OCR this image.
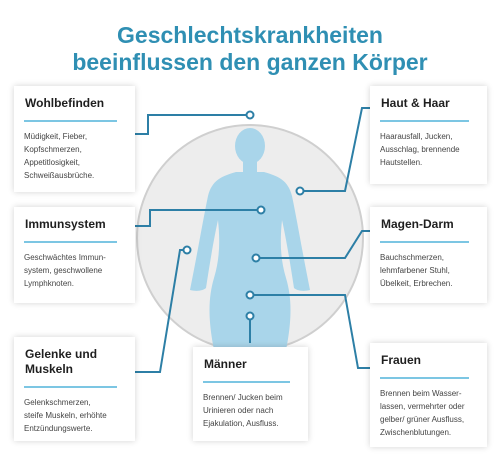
Geschlechtskrankheiten
beeinflussen den ganzen Körper
Wohlbefinden
Müdigkeit, Fieber,
Kopfschmerzen,
Appetitlosigkeit,
Schweißausbrüche.
Immunsystem
Geschwächtes Immun-
system, geschwollene
Lymphknoten.
Gelenke und
Muskeln
Gelenkschmerzen,
steife Muskeln, erhöhte
Entzündungswerte.
Männer
Brennen/ Jucken beim
Urinieren oder nach
Ejakulation, Ausfluss.
Haut & Haar
Haarausfall, Jucken,
Ausschlag, brennende
Hautstellen.
Magen-Darm
Bauchschmerzen,
lehmfarbener Stuhl,
Übelkeit, Erbrechen.
Frauen
Brennen beim Wasser-
lassen, vermehrter oder
gelber/ grüner Ausfluss,
Zwischenblutungen.
